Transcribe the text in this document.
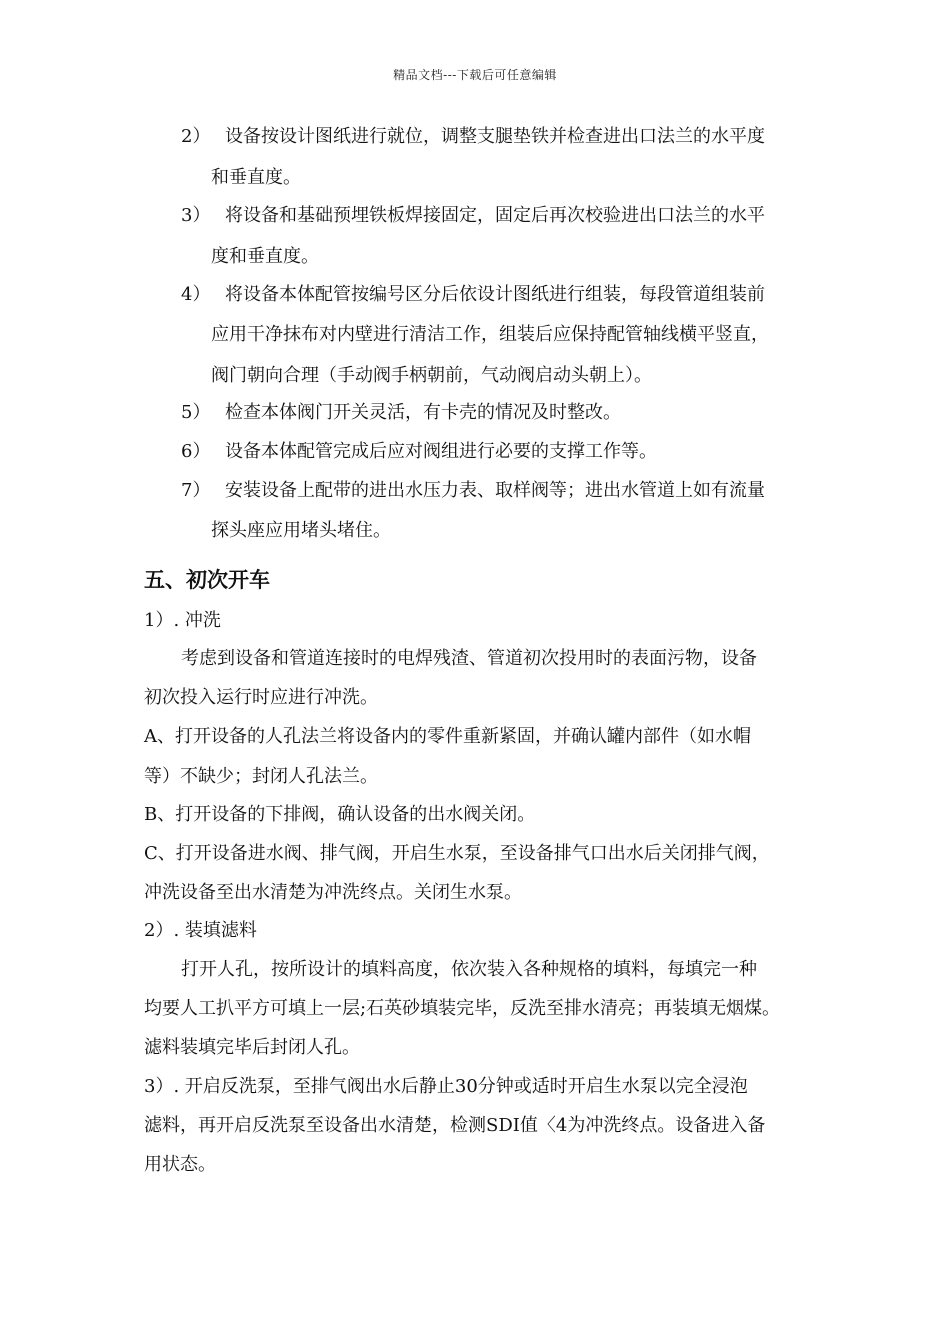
精品文档---下载后可任意编辑
2） 设备按设计图纸进行就位，调整支腿垫铁并检查进出口法兰的水平度
和垂直度。
3） 将设备和基础预埋铁板焊接固定，固定后再次校验进出口法兰的水平
度和垂直度。
4） 将设备本体配管按编号区分后依设计图纸进行组装，每段管道组装前
应用干净抹布对内壁进行清洁工作，组装后应保持配管轴线横平竖直，
阀门朝向合理（手动阀手柄朝前，气动阀启动头朝上）。
5） 检查本体阀门开关灵活，有卡壳的情况及时整改。
6） 设备本体配管完成后应对阀组进行必要的支撑工作等。
7） 安装设备上配带的进出水压力表、取样阀等；进出水管道上如有流量
探头座应用堵头堵住。
五、初次开车
1）. 冲洗
考虑到设备和管道连接时的电焊残渣、管道初次投用时的表面污物，设备
初次投入运行时应进行冲洗。
A、打开设备的人孔法兰将设备内的零件重新紧固，并确认罐内部件（如水帽
等）不缺少；封闭人孔法兰。
B、打开设备的下排阀，确认设备的出水阀关闭。
C、打开设备进水阀、排气阀，开启生水泵，至设备排气口出水后关闭排气阀，
冲洗设备至出水清楚为冲洗终点。关闭生水泵。
2）. 装填滤料
打开人孔，按所设计的填料高度，依次装入各种规格的填料，每填完一种
均要人工扒平方可填上一层;石英砂填装完毕，反洗至排水清亮；再装填无烟煤。
滤料装填完毕后封闭人孔。
3）. 开启反洗泵，至排气阀出水后静止30分钟或适时开启生水泵以完全浸泡
滤料，再开启反洗泵至设备出水清楚，检测SDI值〈4为冲洗终点。设备进入备
用状态。
